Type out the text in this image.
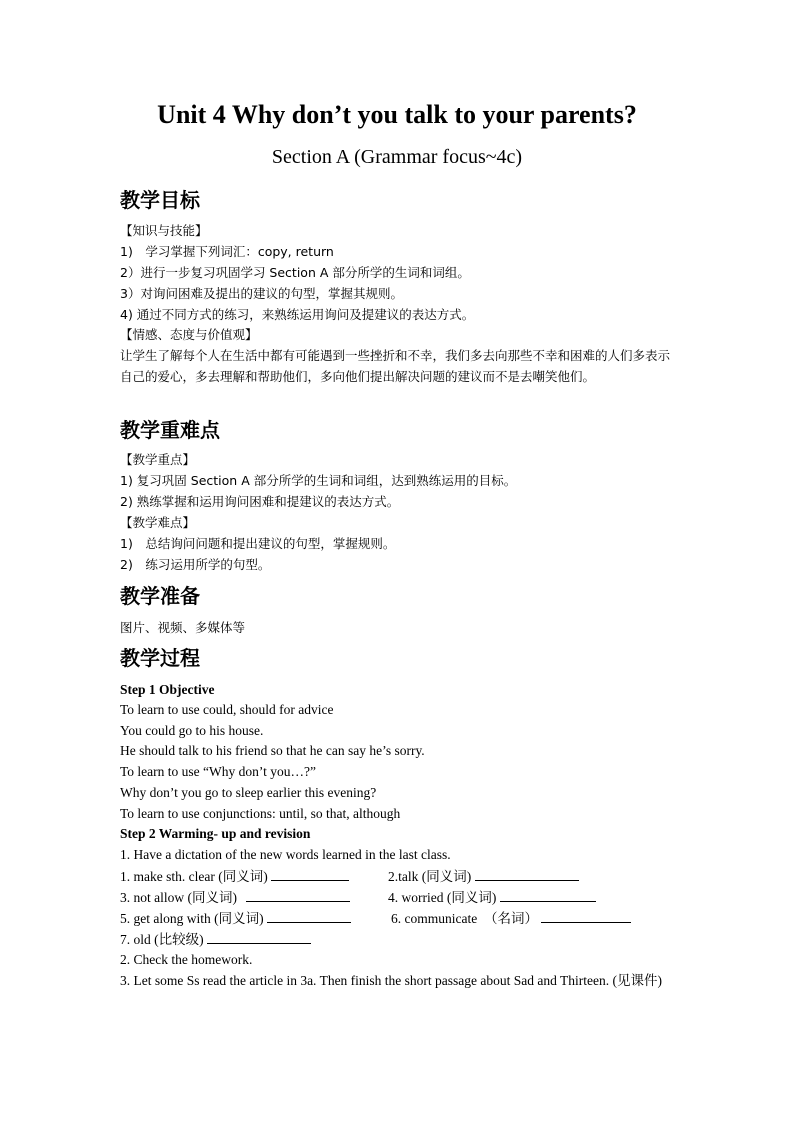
Unit 4 Why don’t you talk to your parents?
Section A (Grammar focus~4c)
教学目标
【知识与技能】
1)　学习掌握下列词汇：copy, return
2）进行一步复习巩固学习 Section A 部分所学的生词和词组。
3）对询问困难及提出的建议的句型，掌握其规则。
4) 通过不同方式的练习，来熟练运用询问及提建议的表达方式。
【情感、态度与价值观】
让学生了解每个人在生活中都有可能遇到一些挫折和不幸，我们多去向那些不幸和困难的人们多表示自己的爱心，多去理解和帮助他们，多向他们提出解决问题的建议而不是去嘲笑他们。
教学重难点
【教学重点】
1) 复习巩固 Section A 部分所学的生词和词组，达到熟练运用的目标。
2) 熟练掌握和运用询问困难和提建议的表达方式。
【教学难点】
1)　总结询问问题和提出建议的句型，掌握规则。
2)　练习运用所学的句型。
教学准备
图片、视频、多媒体等
教学过程
Step 1 Objective
To learn to use could, should for advice
You could go to his house.
He should talk to his friend so that he can say he’s sorry.
To learn to use “Why don’t you…?”
Why don’t you go to sleep earlier this evening?
To learn to use conjunctions: until, so that, although
Step 2 Warming- up and revision
1. Have a dictation of the new words learned in the last class.
1. make sth. clear (同义词)	2.talk (同义词)
3. not allow (同义词)	4. worried (同义词)
5. get along with (同义词)	6. communicate　（名词）
7. old (比较级)
2. Check the homework.
3. Let some Ss read the article in 3a. Then finish the short passage about Sad and Thirteen. (见课件)
